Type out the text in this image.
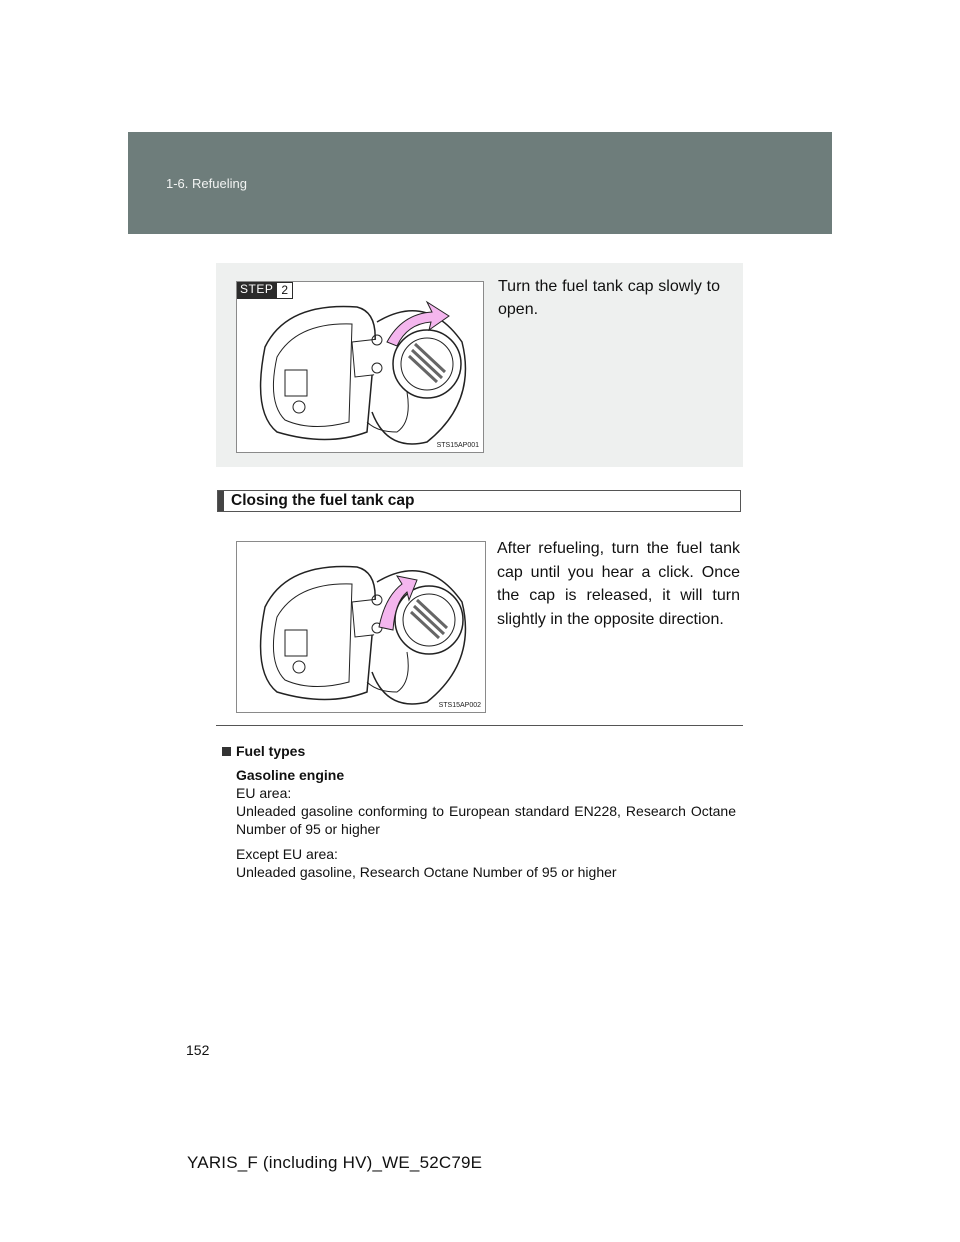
1-6. Refueling
STEP 2
STS15AP001
Turn the fuel tank cap slowly to open.
Closing the fuel tank cap
STS15AP002
After refueling, turn the fuel tank cap until you hear a click. Once the cap is released, it will turn slightly in the opposite direction.
Fuel types
Gasoline engine
EU area:
Unleaded gasoline conforming to European standard EN228, Research Octane Number of 95 or higher
Except EU area:
Unleaded gasoline, Research Octane Number of 95 or higher
152
YARIS_F (including HV)_WE_52C79E
